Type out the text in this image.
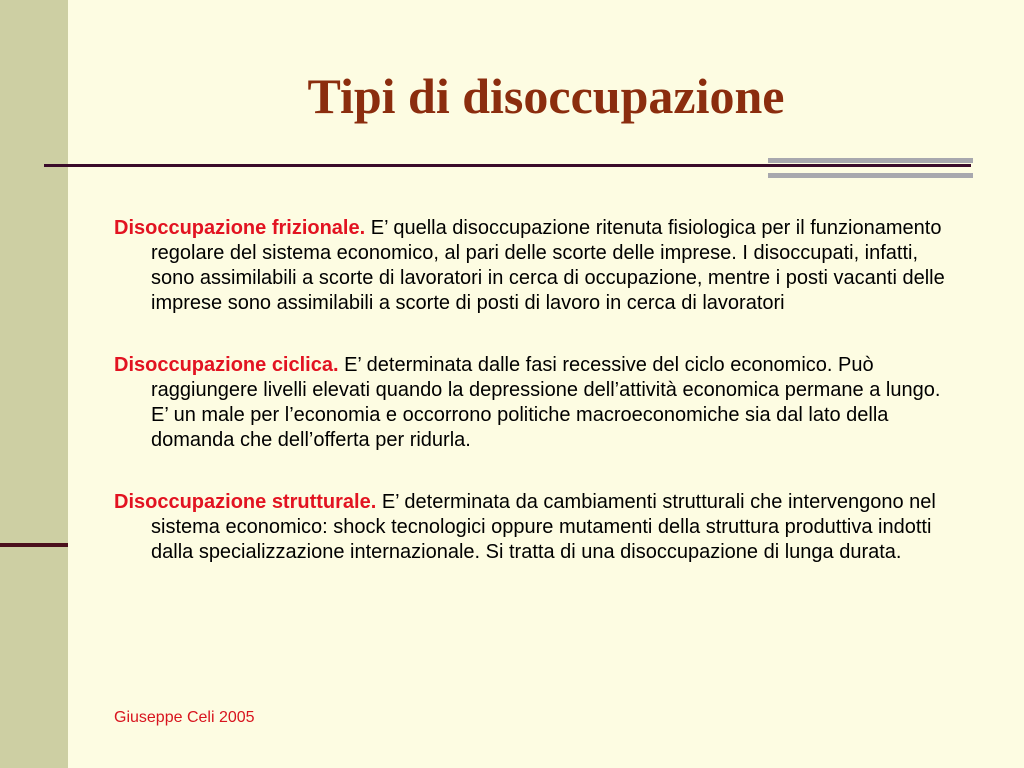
Tipi di disoccupazione

Disoccupazione frizionale. E’ quella disoccupazione ritenuta fisiologica per il funzionamento regolare del sistema economico, al pari delle scorte delle imprese. I disoccupati, infatti, sono assimilabili a scorte di lavoratori in cerca di occupazione, mentre i posti vacanti delle imprese sono assimilabili a scorte di posti di lavoro in cerca di lavoratori

Disoccupazione ciclica. E’ determinata dalle fasi recessive del ciclo economico. Può raggiungere livelli elevati quando la depressione dell’attività economica permane a lungo. E’ un male per l’economia e occorrono politiche macroeconomiche sia dal lato della domanda che dell’offerta per ridurla.

Disoccupazione strutturale. E’ determinata da cambiamenti strutturali che intervengono nel sistema economico: shock tecnologici oppure mutamenti della struttura produttiva indotti dalla specializzazione internazionale. Si tratta di una disoccupazione di lunga durata.

Giuseppe Celi 2005
